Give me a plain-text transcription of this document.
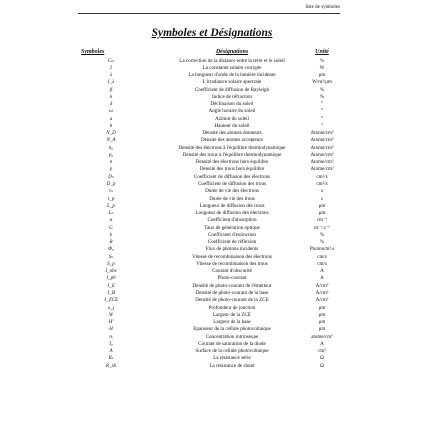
liste de symboles
Symboles et Désignations
Symboles	Désignations	Unité
Cₜₛ	La correction de la distance entre la terre et le soleil	%
I	La constante solaire corrigée	W
λ	La longueur d'onde de la lumière incidente	μm
I_λ	L'irradiance solaire spectrale	W/m²/μm
β	Coefficient de diffusion de Rayleigh	%
n	Indice de réfraction	%
δ	Déclinaison du soleil	°
ω	Angle horaire du soleil	°
a	Azimut du soleil	°
h	Hauteur du soleil	°
N_D	Densité des atomes donneurs	Atome/cm³
N_A	Densité des atomes accepteurs	Atome/cm³
n₀	Densité des électrons à l'équilibre thermodynamique	Atome/cm³
p₀	Densité des trous à l'équilibre thermodynamique	Atome/cm³
n	Densité des électrons hors équilibre	Atome/cm³
p	Densité des trous hors équilibre	Atome/cm³
Dₙ	Coefficient de diffusion des électrons	cm²/s
D_p	Coefficient de diffusion des trous	cm²/s
τₙ	Durée de vie des électrons	s
τ_p	Durée de vie des trous	s
L_p	Longueur de diffusion des trous	μm
Lₙ	Longueur de diffusion des électrons	μm
α	Coefficient d'absorption	cm⁻¹
G	Taux de génération optique	m⁻³.s⁻¹
k	Coefficient d'extinction	%
R	Coefficient de réflexion	%
Φ₀	Flux de photons incidents	Photon/m².s
Sₙ	Vitesse de recombinaison des électrons	cm/s
S_p	Vitesse de recombinaison des trous	cm/s
I_obs	Courant d'obscurité	A
I_ph	Photo-courant	A
J_E	Densité de photo-courant de l'émetteur	A/cm²
J_B	Densité de photo-courant de la base	A/cm²
J_ZCE	Densité de photo-courant de la ZCE	A/cm²
x_j	Profondeur de jonction	μm
W	Largeur de la ZCE	μm
H'	Largeur de la base	μm
H	Epaisseur de la cellule photovoltaïque	μm
nᵢ	Concentration intrinsèque	atome/cm³
I₀	Courant de saturation de la diode	A
A	Surface de la cellule photovoltaïque	cm²
Rₛ	La résistance série	Ω
R_sh	La résistance de shunt	Ω
